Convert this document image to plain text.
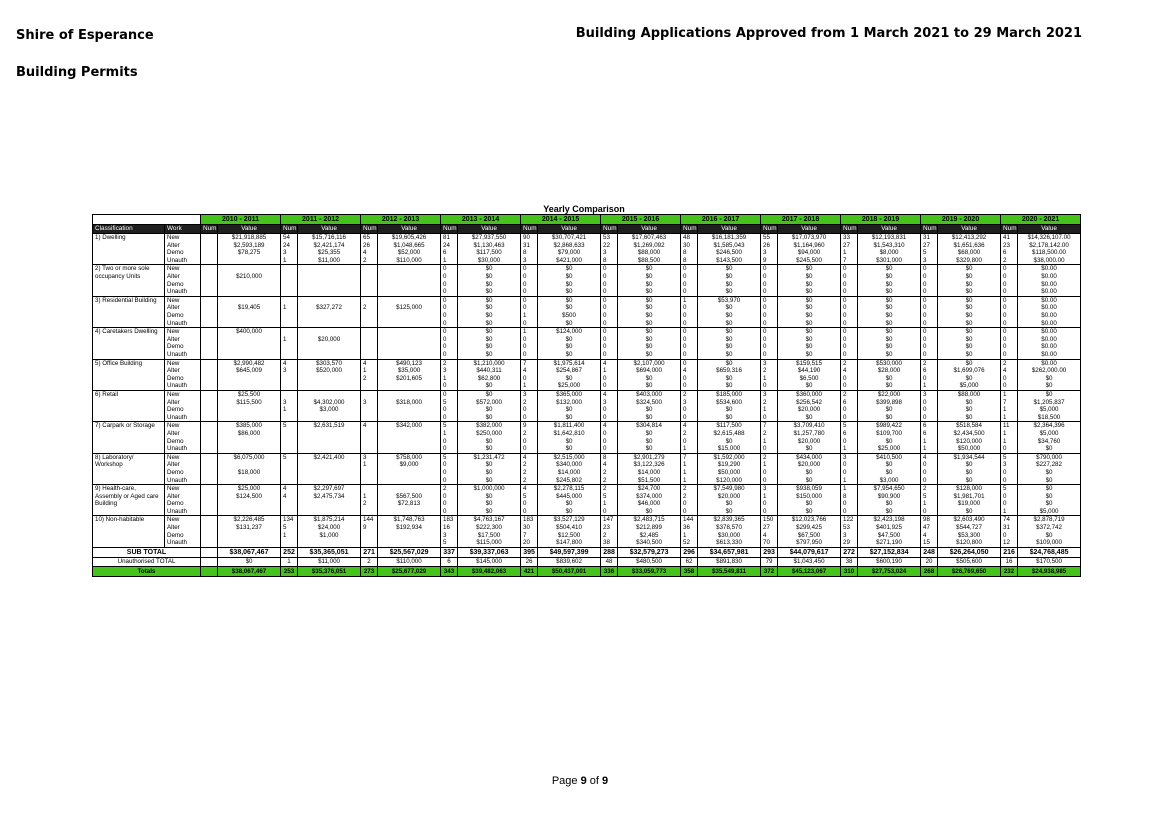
Shire of Esperance
Building Permits
Building Applications Approved from 1 March 2021 to 29 March 2021
Yearly Comparison
		2010 - 2011		2011 - 2012		2012 - 2013		2013 - 2014		2014 - 2015		2015 - 2016		2016 - 2017		2017 - 2018		2018 - 2019		2019 - 2020		2020 - 2021	
Classification	Work	Num	Value	Num	Value	Num	Value	Num	Value	Num	Value	Num	Value	Num	Value	Num	Value	Num	Value	Num	Value	Num	Value
1) Dwelling	New		$21,918,885	54	$15,716,116	65	$19,605,426	81	$27,937,550	90	$30,707,421	53	$17,607,463	48	$16,181,359	55	$17,073,970	33	$12,193,831	31	$12,413,292	41	$14,326,107.00
	Alter		$2,593,189	24	$2,421,174	26	$1,048,665	24	$1,130,463	31	$2,868,633	22	$1,269,092	30	$1,585,043	26	$1,164,960	27	$1,543,310	27	$1,651,636	23	$2,178,142.00
	Demo		$78,275	3	$25,355	4	$52,000	6	$117,500	8	$79,000	3	$88,000	8	$246,500	3	$94,000	1	$8,000	5	$68,000	6	$118,500.00
	Unauth			1	$11,000	2	$110,000	1	$30,000	3	$421,000	8	$88,500	8	$143,500	9	$245,500	7	$301,000	3	$329,800	2	$38,000.00
2) Two or more sole occupancy Units	New							0	$0	0	$0	0	$0	0	$0	0	$0	0	$0	0	$0	0	$0.00
	Alter		$210,000					0	$0	0	$0	0	$0	0	$0	0	$0	0	$0	0	$0	0	$0.00
	Demo							0	$0	0	$0	0	$0	0	$0	0	$0	0	$0	0	$0	0	$0.00
	Unauth							0	$0	0	$0	0	$0	0	$0	0	$0	0	$0	0	$0	0	$0.00
3) Residential Building	New							0	$0	0	$0	0	$0	1	$53,970	0	$0	0	$0	0	$0	0	$0.00
	Alter		$19,405	1	$327,272	2	$125,000	0	$0	0	$0	0	$0	0	$0	0	$0	0	$0	0	$0	0	$0.00
	Demo							0	$0	1	$500	0	$0	0	$0	0	$0	0	$0	0	$0	0	$0.00
	Unauth							0	$0	0	$0	0	$0	0	$0	0	$0	0	$0	0	$0	0	$0.00
4) Caretakers Dwelling	New		$400,000					0	$0	1	$124,000	0	$0	0	$0	0	$0	0	$0	0	$0	0	$0.00
	Alter			1	$20,000			0	$0	0	$0	0	$0	0	$0	0	$0	0	$0	0	$0	0	$0.00
	Demo							0	$0	0	$0	0	$0	0	$0	0	$0	0	$0	0	$0	0	$0.00
	Unauth							0	$0	0	$0	0	$0	0	$0	0	$0	0	$0	0	$0	0	$0.00
5) Office Building	New		$2,990,482	4	$303,570	4	$490,123	2	$1,210,000	7	$1,975,614	4	$2,107,000	0	$0	3	$159,515	2	$530,000	2	$0	2	$0.00
	Alter		$645,009	3	$520,000	1	$35,000	3	$440,311	4	$254,867	1	$694,000	4	$659,316	2	$44,190	4	$28,000	6	$1,699,076	4	$262,000.00
	Demo					2	$201,605	1	$62,800	0	$0	0	$0	0	$0	1	$6,500	0	$0	0	$0	0	$0
	Unauth							0	$0	1	$25,000	0	$0	0	$0	0	$0	0	$0	1	$5,000	0	$0
6) Retail	New		$25,500					0	$0	3	$365,000	4	$403,000	2	$185,000	3	$360,000	2	$22,000	3	$88,000	1	$0
	Alter		$115,500	3	$4,302,000	3	$318,000	5	$572,000	2	$132,000	3	$324,500	3	$534,600	2	$256,542	6	$399,898	0	$0	7	$1,205,837
	Demo			1	$3,000			0	$0	0	$0	0	$0	0	$0	1	$20,000	0	$0	0	$0	1	$5,000
	Unauth							0	$0	0	$0	0	$0	0	$0	0	$0	0	$0	0	$0	1	$18,500
7) Carpark or Storage	New		$385,000	5	$2,631,519	4	$342,000	5	$382,000	9	$1,811,400	4	$304,814	4	$117,500	7	$3,709,410	5	$989,422	6	$518,584	11	$2,364,396
	Alter		$86,000					1	$250,000	2	$1,642,810	0	$0	2	$2,615,488	2	$1,257,780	6	$109,700	6	$2,434,500	1	$5,000
	Demo							0	$0	0	$0	0	$0	0	$0	1	$20,000	0	$0	1	$120,000	1	$34,760
	Unauth							0	$0	0	$0	0	$0	1	$15,000	0	$0	1	$25,000	1	$50,000	0	$0
8) Laboratory/ Workshop	New		$6,075,000	5	$2,421,400	3	$758,000	5	$1,231,472	4	$2,515,000	8	$2,901,279	7	$1,592,000	2	$434,000	3	$410,500	4	$1,934,544	5	$790,000
	Alter					1	$9,000	0	$0	2	$340,000	4	$3,122,326	1	$19,290	1	$20,000	0	$0	0	$0	3	$227,282
	Demo		$18,000					0	$0	2	$14,000	2	$14,000	1	$50,000	0	$0	0	$0	0	$0	0	$0
	Unauth							0	$0	2	$245,802	2	$51,500	1	$120,000	0	$0	1	$3,000	0	$0	0	$0
9) Health-care, Assembly or Aged care Building	New		$25,000	4	$2,297,697			2	$1,000,000	4	$2,278,115	2	$24,700	2	$7,549,980	3	$938,059	1	$7,954,650	2	$128,000	5	$0
	Alter		$124,500	4	$2,475,734	1	$567,500	0	$0	5	$445,000	5	$374,000	2	$20,000	1	$150,000	8	$90,900	5	$1,981,701	0	$0
	Demo					2	$72,813	0	$0	0	$0	1	$46,000	0	$0	0	$0	0	$0	1	$19,000	0	$0
	Unauth							0	$0	0	$0	0	$0	0	$0	0	$0	0	$0	0	$0	1	$5,000
10) Non-habitable	New		$2,226,485	134	$1,875,214	144	$1,748,763	183	$4,763,167	183	$3,527,129	147	$2,483,715	144	$2,839,365	150	$12,023,766	122	$2,423,198	98	$2,603,490	74	$2,878,719
	Alter		$131,237	5	$24,000	9	$192,934	16	$222,300	30	$504,410	23	$212,899	36	$378,570	27	$299,425	53	$401,925	47	$544,727	31	$372,742
	Demo			1	$1,000			3	$17,500	7	$12,500	2	$2,485	1	$30,000	4	$67,500	3	$47,500	4	$53,300	0	$0
	Unauth							5	$115,000	20	$147,800	38	$340,500	52	$613,330	70	$797,950	29	$271,190	15	$120,800	12	$109,000
SUB TOTAL			$38,067,467	252	$35,365,051	271	$25,567,029	337	$39,337,063	395	$49,597,399	288	$32,579,273	296	$34,657,981	293	$44,079,617	272	$27,152,834	248	$26,264,050	216	$24,768,485
Unauthorised TOTAL			$0	1	$11,000	2	$110,000	6	$145,000	26	$839,602	48	$480,500	62	$891,830	79	$1,043,450	38	$600,190	20	$505,600	16	$170,500
Totals			$38,067,467	253	$35,376,051	273	$25,677,029	343	$39,482,063	421	$50,437,001	336	$33,059,773	358	$35,549,811	372	$45,123,067	310	$27,753,024	268	$26,769,650	232	$24,938,985
Page 9 of 9
